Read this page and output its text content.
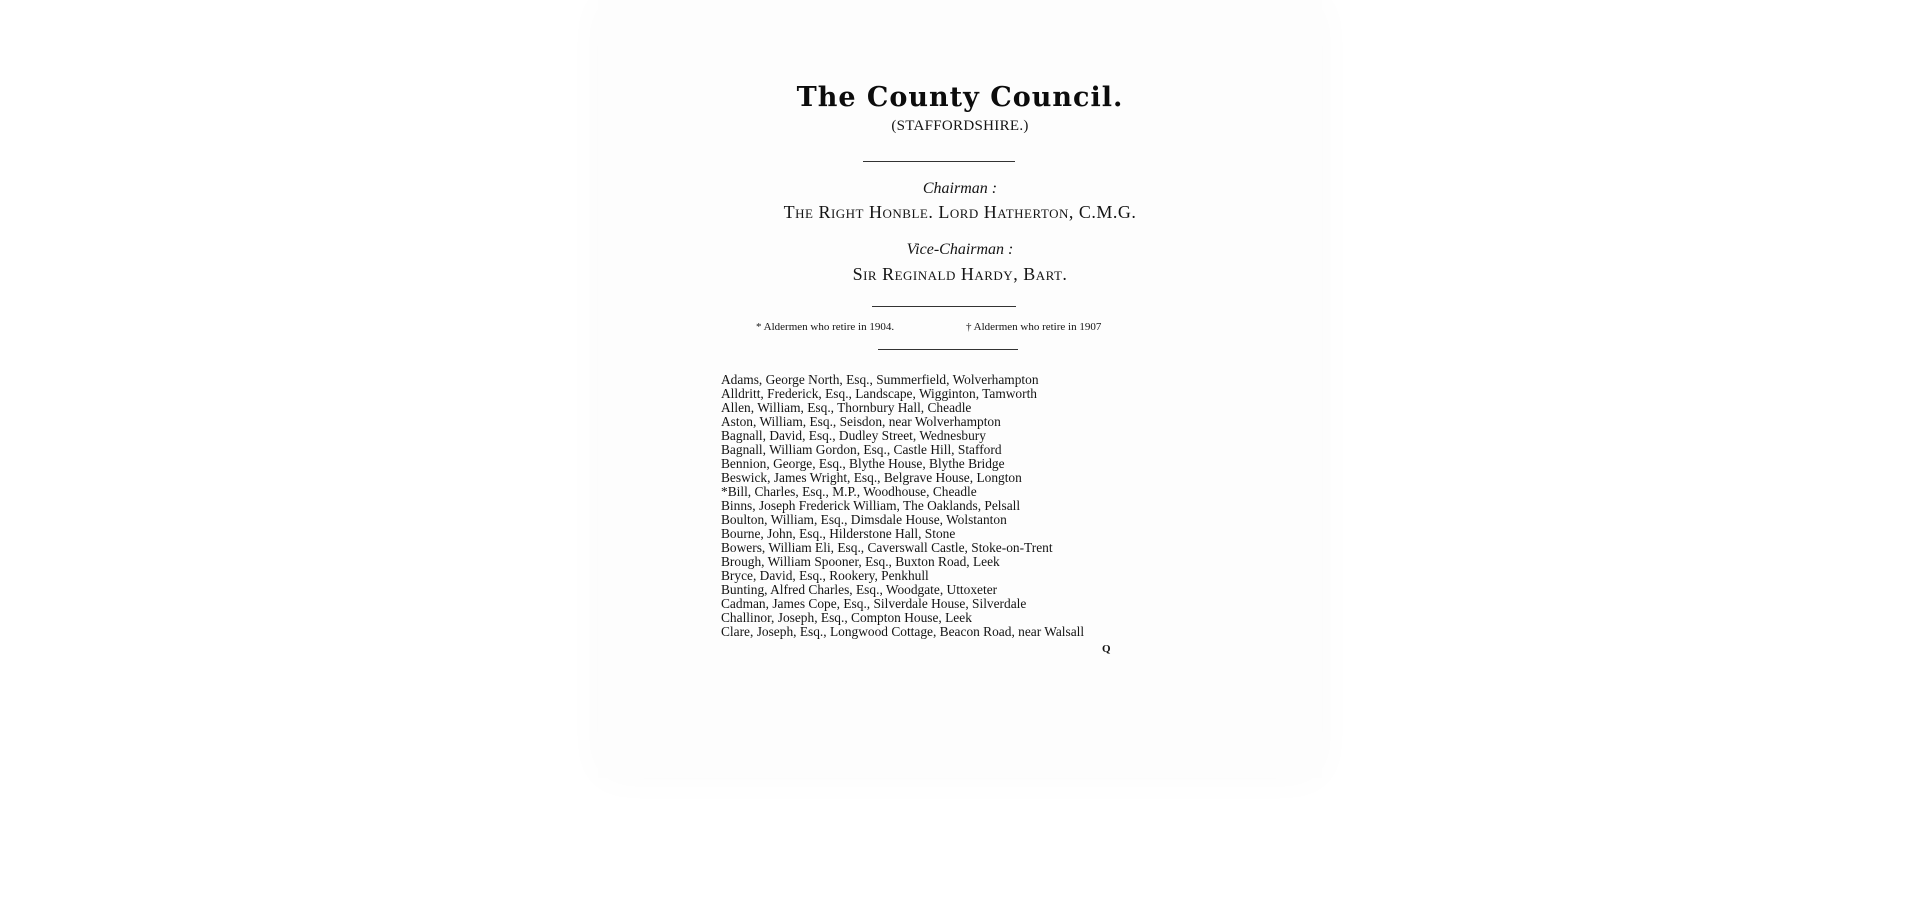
The County Council.
(STAFFORDSHIRE.)
Chairman :
The Right Honble. Lord Hatherton, C.M.G.
Vice-Chairman :
Sir Reginald Hardy, Bart.
* Aldermen who retire in 1904.	† Aldermen who retire in 1907
Adams, George North, Esq., Summerfield, Wolverhampton
Alldritt, Frederick, Esq., Landscape, Wigginton, Tamworth
Allen, William, Esq., Thornbury Hall, Cheadle
Aston, William, Esq., Seisdon, near Wolverhampton
Bagnall, David, Esq., Dudley Street, Wednesbury
Bagnall, William Gordon, Esq., Castle Hill, Stafford
Bennion, George, Esq., Blythe House, Blythe Bridge
Beswick, James Wright, Esq., Belgrave House, Longton
*Bill, Charles, Esq., M.P., Woodhouse, Cheadle
Binns, Joseph Frederick William, The Oaklands, Pelsall
Boulton, William, Esq., Dimsdale House, Wolstanton
Bourne, John, Esq., Hilderstone Hall, Stone
Bowers, William Eli, Esq., Caverswall Castle, Stoke-on-Trent
Brough, William Spooner, Esq., Buxton Road, Leek
Bryce, David, Esq., Rookery, Penkhull
Bunting, Alfred Charles, Esq., Woodgate, Uttoxeter
Cadman, James Cope, Esq., Silverdale House, Silverdale
Challinor, Joseph, Esq., Compton House, Leek
Clare, Joseph, Esq., Longwood Cottage, Beacon Road, near Walsall
Q
